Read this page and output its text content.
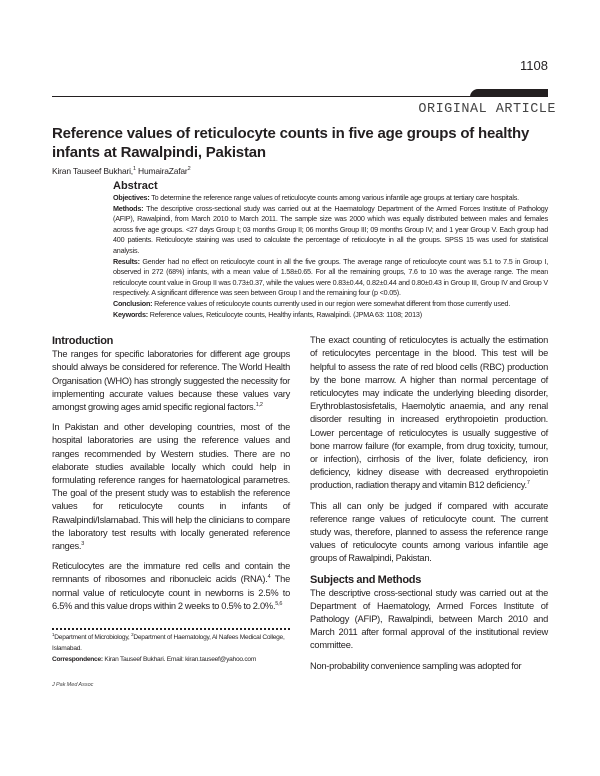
1108
ORIGINAL ARTICLE
Reference values of reticulocyte counts in five age groups of healthy infants at Rawalpindi, Pakistan
Kiran Tauseef Bukhari,$^1$ HumairaZafar$^2$
Abstract

Objectives: To determine the reference range values of reticulocyte counts among various infantile age groups at tertiary care hospitals.

Methods: The descriptive cross-sectional study was carried out at the Haematology Department of the Armed Forces Institute of Pathology (AFIP), Rawalpindi, from March 2010 to March 2011. The sample size was 2000 which was equally distributed between males and females across five age groups. <27 days Group I; 03 months Group II; 06 months Group III; 09 months Group IV; and 1 year Group V. Each group had 400 patients. Reticulocyte staining was used to calculate the percentage of reticulocyte in all the groups. SPSS 15 was used for statistical analysis.

Results: Gender had no effect on reticulocyte count in all the five groups. The average range of reticulocyte count was 5.1 to 7.5 in Group I, observed in 272 (68%) infants, with a mean value of 1.58±0.65. For all the remaining groups, 7.6 to 10 was the average range. The mean reticulocyte count value in Group II was 0.73±0.37, while the values were 0.83±0.44, 0.82±0.44 and 0.80±0.43 in Group III, Group IV and Group V respectively. A significant difference was seen between Group I and the remaining four (p <0.05).

Conclusion: Reference values of reticulocyte counts currently used in our region were somewhat different from those currently used.

Keywords: Reference values, Reticulocyte counts, Healthy infants, Rawalpindi. (JPMA 63: 1108; 2013)

Introduction

The ranges for specific laboratories for different age groups should always be considered for reference. The World Health Organisation (WHO) has strongly suggested the necessity for implementing accurate values because these values vary amongst growing ages amid specific regional factors.$^{1,2}$

In Pakistan and other developing countries, most of the hospital laboratories are using the reference values and ranges recommended by Western studies. There are no elaborate studies available locally which could help in formulating reference ranges for haematological parametres. The goal of the present study was to establish the reference values for reticulocyte counts in infants of Rawalpindi/Islamabad. This will help the clinicians to compare the laboratory test results with locally generated reference ranges.$^3$

Reticulocytes are the immature red cells and contain the remnants of ribosomes and ribonucleic acids (RNA).$^4$ The normal value of reticulocyte count in newborns is 2.5% to 6.5% and this value drops within 2 weeks to 0.5% to 2.0%.$^{5,6}$

$^1$Department of Microbiology, $^2$Department of Haematology, Al Nafees Medical College, Islamabad.
Correspondence: Kiran Tauseef Bukhari. Email: kiran.tauseef@yahoo.com
J Pak Med Assoc

The exact counting of reticulocytes is actually the estimation of reticulocytes percentage in the blood. This test will be helpful to assess the rate of red blood cells (RBC) production by the bone marrow. A higher than normal percentage of reticulocytes may indicate the underlying bleeding disorder, Erythroblastosisfetalis, Haemolytic anaemia, and any renal disorder resulting in increased erythropoietin production. Lower percentage of reticulocytes is usually suggestive of bone marrow failure (for example, from drug toxicity, tumour, or infection), cirrhosis of the liver, folate deficiency, iron deficiency, kidney disease with decreased erythropoietin production, radiation therapy and vitamin B12 deficiency.$^7$

This all can only be judged if compared with accurate reference range values of reticulocyte count. The current study was, therefore, planned to assess the reference range values of reticulocyte counts among various infantile age groups of Rawalpindi, Pakistan.

Subjects and Methods

The descriptive cross-sectional study was carried out at the Department of Haematology, Armed Forces Institute of Pathology (AFIP), Rawalpindi, between March 2010 and March 2011 after formal approval of the institutional review committee.

Non-probability convenience sampling was adopted for
